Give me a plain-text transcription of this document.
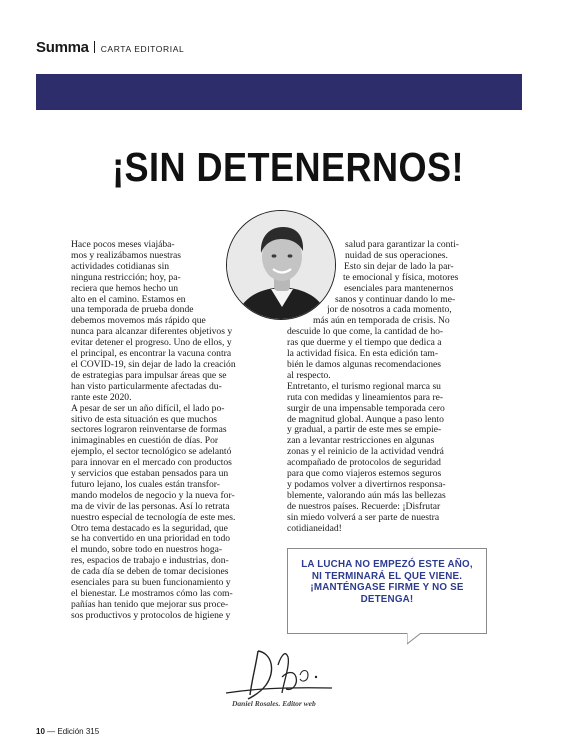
Summa CARTA EDITORIAL
¡SIN DETENERNOS!
Hace pocos meses viajába-
mos y realizábamos nuestras
actividades cotidianas sin
ninguna restricción; hoy, pa-
reciera que hemos hecho un
alto en el camino. Estamos en
una temporada de prueba donde
debemos movemos más rápido que
nunca para alcanzar diferentes objetivos y
evitar detener el progreso. Uno de ellos, y
el principal, es encontrar la vacuna contra
el COVID-19, sin dejar de lado la creación
de estrategias para impulsar áreas que se
han visto particularmente afectadas du-
rante este 2020.
A pesar de ser un año difícil, el lado po-
sitivo de esta situación es que muchos
sectores lograron reinventarse de formas
inimaginables en cuestión de días. Por
ejemplo, el sector tecnológico se adelantó
para innovar en el mercado con productos
y servicios que estaban pensados para un
futuro lejano, los cuales están transfor-
mando modelos de negocio y la nueva for-
ma de vivir de las personas. Así lo retrata
nuestro especial de tecnología de este mes.
Otro tema destacado es la seguridad, que
se ha convertido en una prioridad en todo
el mundo, sobre todo en nuestros hoga-
res, espacios de trabajo e industrias, don-
de cada día se deben de tomar decisiones
esenciales para su buen funcionamiento y
el bienestar. Le mostramos cómo las com-
pañías han tenido que mejorar sus proce-
sos productivos y protocolos de higiene y
salud para garantizar la conti-
nuidad de sus operaciones.
Esto sin dejar de lado la par-
te emocional y física, motores
esenciales para mantenernos
sanos y continuar dando lo me-
jor de nosotros a cada momento,
más aún en temporada de crisis. No
descuide lo que come, la cantidad de ho-
ras que duerme y el tiempo que dedica a
la actividad física. En esta edición tam-
bién le damos algunas recomendaciones
al respecto.
Entretanto, el turismo regional marca su
ruta con medidas y lineamientos para re-
surgir de una impensable temporada cero
de magnitud global. Aunque a paso lento
y gradual, a partir de este mes se empie-
zan a levantar restricciones en algunas
zonas y el reinicio de la actividad vendrá
acompañado de protocolos de seguridad
para que como viajeros estemos seguros
y podamos volver a divertirnos responsa-
blemente, valorando aún más las bellezas
de nuestros países. Recuerde: ¡Disfrutar
sin miedo volverá a ser parte de nuestra
cotidianeidad!
LA LUCHA NO EMPEZÓ ESTE AÑO, NI TERMINARÁ EL QUE VIENE. ¡MANTÉNGASE FIRME Y NO SE DETENGA!
Daniel Rosales. Editor web
10 — Edición 315
